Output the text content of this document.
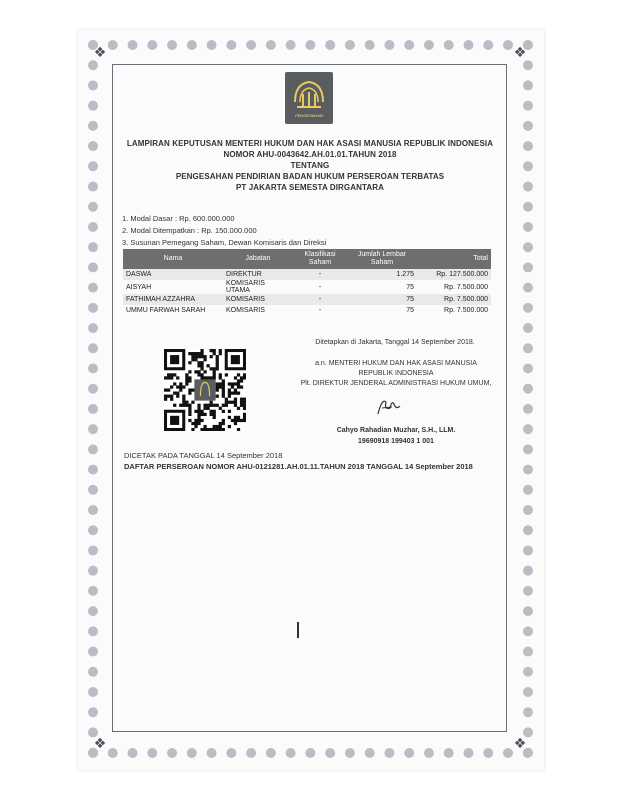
❖	❖
❖	❖
PENGESAHAN
LAMPIRAN KEPUTUSAN MENTERI HUKUM DAN HAK ASASI MANUSIA REPUBLIK INDONESIA
NOMOR AHU-0043642.AH.01.01.TAHUN 2018
TENTANG
PENGESAHAN PENDIRIAN BADAN HUKUM PERSEROAN TERBATAS
PT JAKARTA SEMESTA DIRGANTARA
1. Modal Dasar : Rp. 600.000.000
2. Modal Ditempatkan : Rp. 150.000.000
3. Susunan Pemegang Saham, Dewan Komisaris dan Direksi
Nama	Jabatan	Klasifikasi Saham	Jumlah Lembar Saham	Total
DASWA	DIREKTUR	-	1.275	Rp. 127.500.000
AISYAH	KOMISARIS UTAMA	-	75	Rp. 7.500.000
FATHIMAH AZZAHRA	KOMISARIS	-	75	Rp. 7.500.000
UMMU FARWAH SARAH	KOMISARIS	-	75	Rp. 7.500.000
Ditetapkan di Jakarta, Tanggal 14 September 2018.
a.n. MENTERI HUKUM DAN HAK ASASI MANUSIA
REPUBLIK INDONESIA
Plt. DIREKTUR JENDERAL ADMINISTRASI HUKUM UMUM,
Cahyo Rahadian Muzhar, S.H., LLM.
19690918 199403 1 001
DICETAK PADA TANGGAL 14 September 2018
DAFTAR PERSEROAN NOMOR AHU-0121281.AH.01.11.TAHUN 2018 TANGGAL 14 September 2018
